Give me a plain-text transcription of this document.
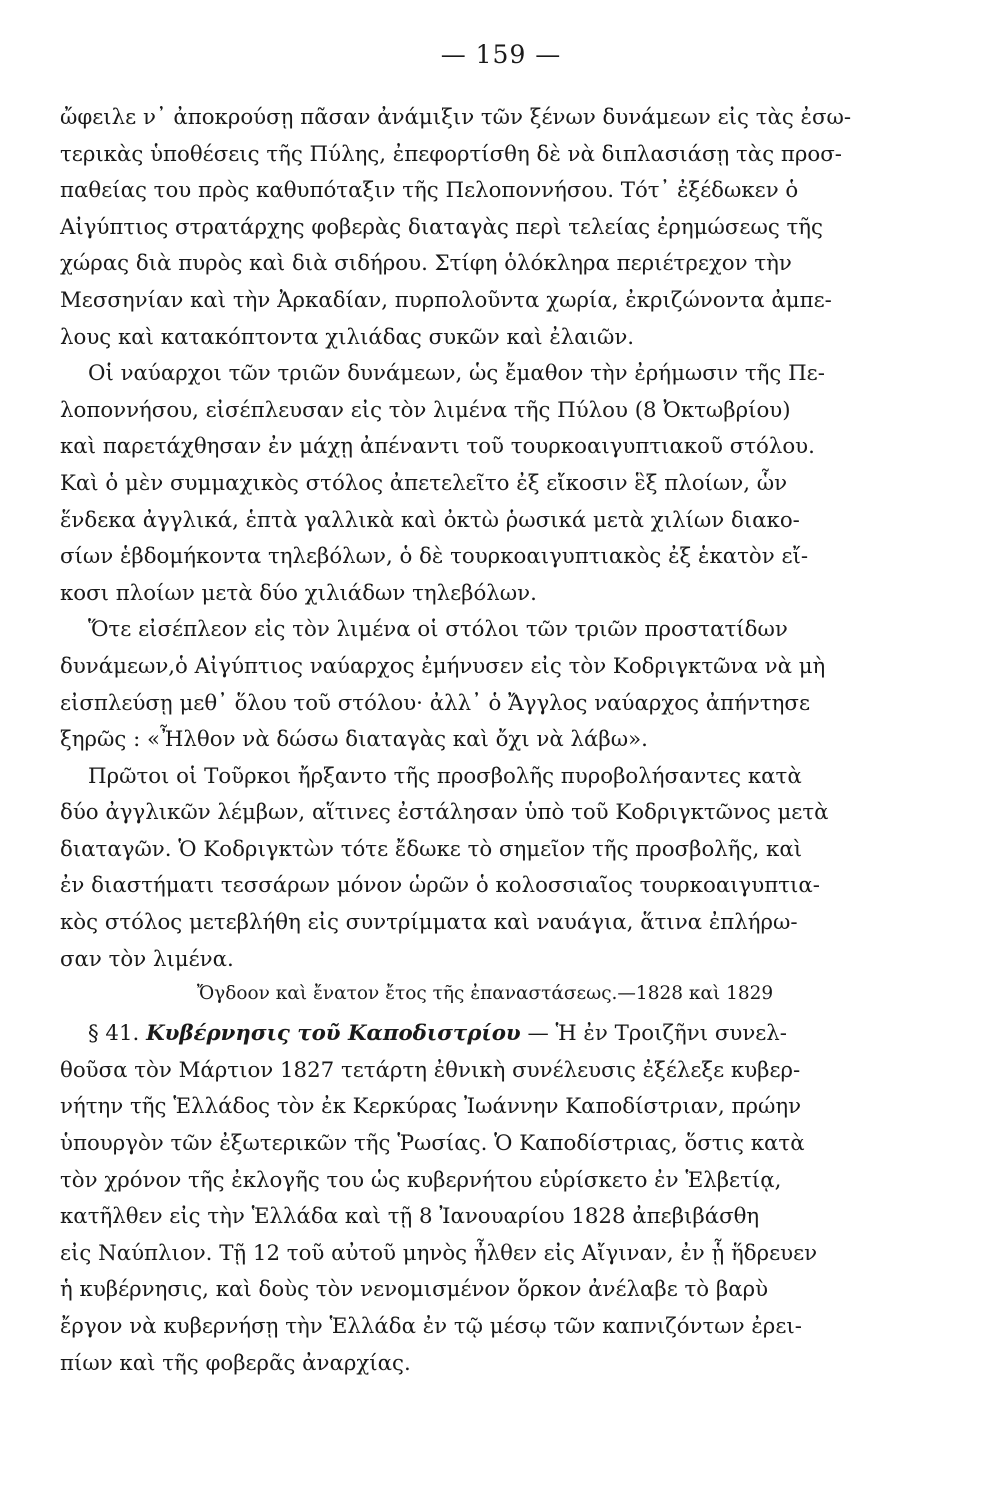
— 159 —
ὤφειλε ν᾽ ἀποκρούσῃ πᾶσαν ἀνάμιξιν τῶν ξένων δυνάμεων εἰς τὰς ἐσω-
τερικὰς ὑποθέσεις τῆς Πύλης, ἐπεφορτίσθη δὲ νὰ διπλασιάσῃ τὰς προσ-
παθείας του πρὸς καθυπόταξιν τῆς Πελοποννήσου. Τότ᾽ ἐξέδωκεν ὁ
Αἰγύπτιος στρατάρχης φοβερὰς διαταγὰς περὶ τελείας ἐρημώσεως τῆς
χώρας διὰ πυρὸς καὶ διὰ σιδήρου. Στίφη ὁλόκληρα περιέτρεχον τὴν
Μεσσηνίαν καὶ τὴν Ἀρκαδίαν, πυρπολοῦντα χωρία, ἐκριζώνοντα ἀμπε-
λους καὶ κατακόπτοντα χιλιάδας συκῶν καὶ ἐλαιῶν.
Οἱ ναύαρχοι τῶν τριῶν δυνάμεων, ὡς ἔμαθον τὴν ἐρήμωσιν τῆς Πε-
λοποννήσου, εἰσέπλευσαν εἰς τὸν λιμένα τῆς Πύλου (8 Ὀκτωβρίου)
καὶ παρετάχθησαν ἐν μάχῃ ἀπέναντι τοῦ τουρκοαιγυπτιακοῦ στόλου.
Καὶ ὁ μὲν συμμαχικὸς στόλος ἀπετελεῖτο ἐξ εἴκοσιν ἓξ πλοίων, ὧν
ἕνδεκα ἀγγλικά, ἑπτὰ γαλλικὰ καὶ ὀκτὼ ῥωσικά μετὰ χιλίων διακο-
σίων ἑβδομήκοντα τηλεβόλων, ὁ δὲ τουρκοαιγυπτιακὸς ἐξ ἑκατὸν εἴ-
κοσι πλοίων μετὰ δύο χιλιάδων τηλεβόλων.
Ὅτε εἰσέπλεον εἰς τὸν λιμένα οἱ στόλοι τῶν τριῶν προστατίδων
δυνάμεων,ὁ Αἰγύπτιος ναύαρχος ἐμήνυσεν εἰς τὸν Κοδριγκτῶνα νὰ μὴ
εἰσπλεύσῃ μεθ᾽ ὅλου τοῦ στόλου· ἀλλ᾽ ὁ Ἄγγλος ναύαρχος ἀπήντησε
ξηρῶς : «Ἦλθον νὰ δώσω διαταγὰς καὶ ὄχι νὰ λάβω».
Πρῶτοι οἱ Τοῦρκοι ἤρξαντο τῆς προσβολῆς πυροβολήσαντες κατὰ
δύο ἀγγλικῶν λέμβων, αἵτινες ἐστάλησαν ὑπὸ τοῦ Κοδριγκτῶνος μετὰ
διαταγῶν. Ὁ Κοδριγκτὼν τότε ἔδωκε τὸ σημεῖον τῆς προσβολῆς, καὶ
ἐν διαστήματι τεσσάρων μόνον ὡρῶν ὁ κολοσσιαῖος τουρκοαιγυπτια-
κὸς στόλος μετεβλήθη εἰς συντρίμματα καὶ ναυάγια, ἅτινα ἐπλήρω-
σαν τὸν λιμένα.
Ὄγδοον καὶ ἔνατον ἔτος τῆς ἐπαναστάσεως.—1828 καὶ 1829
§ 41. Κυβέρνησις τοῦ Καποδιστρίου — Ἡ ἐν Τροιζῆνι συνελ-
θοῦσα τὸν Μάρτιον 1827 τετάρτη ἐθνικὴ συνέλευσις ἐξέλεξε κυβερ-
νήτην τῆς Ἑλλάδος τὸν ἐκ Κερκύρας Ἰωάννην Καποδίστριαν, πρώην
ὑπουργὸν τῶν ἐξωτερικῶν τῆς Ῥωσίας. Ὁ Καποδίστριας, ὅστις κατὰ
τὸν χρόνον τῆς ἐκλογῆς του ὡς κυβερνήτου εὑρίσκετο ἐν Ἑλβετίᾳ,
κατῆλθεν εἰς τὴν Ἑλλάδα καὶ τῇ 8 Ἰανουαρίου 1828 ἀπεβιβάσθη
εἰς Ναύπλιον. Τῇ 12 τοῦ αὐτοῦ μηνὸς ἦλθεν εἰς Αἴγιναν, ἐν ᾗ ἥδρευεν
ἡ κυβέρνησις, καὶ δοὺς τὸν νενομισμένον ὅρκον ἀνέλαβε τὸ βαρὺ
ἔργον νὰ κυβερνήσῃ τὴν Ἑλλάδα ἐν τῷ μέσῳ τῶν καπνιζόντων ἐρει-
πίων καὶ τῆς φοβερᾶς ἀναρχίας.
